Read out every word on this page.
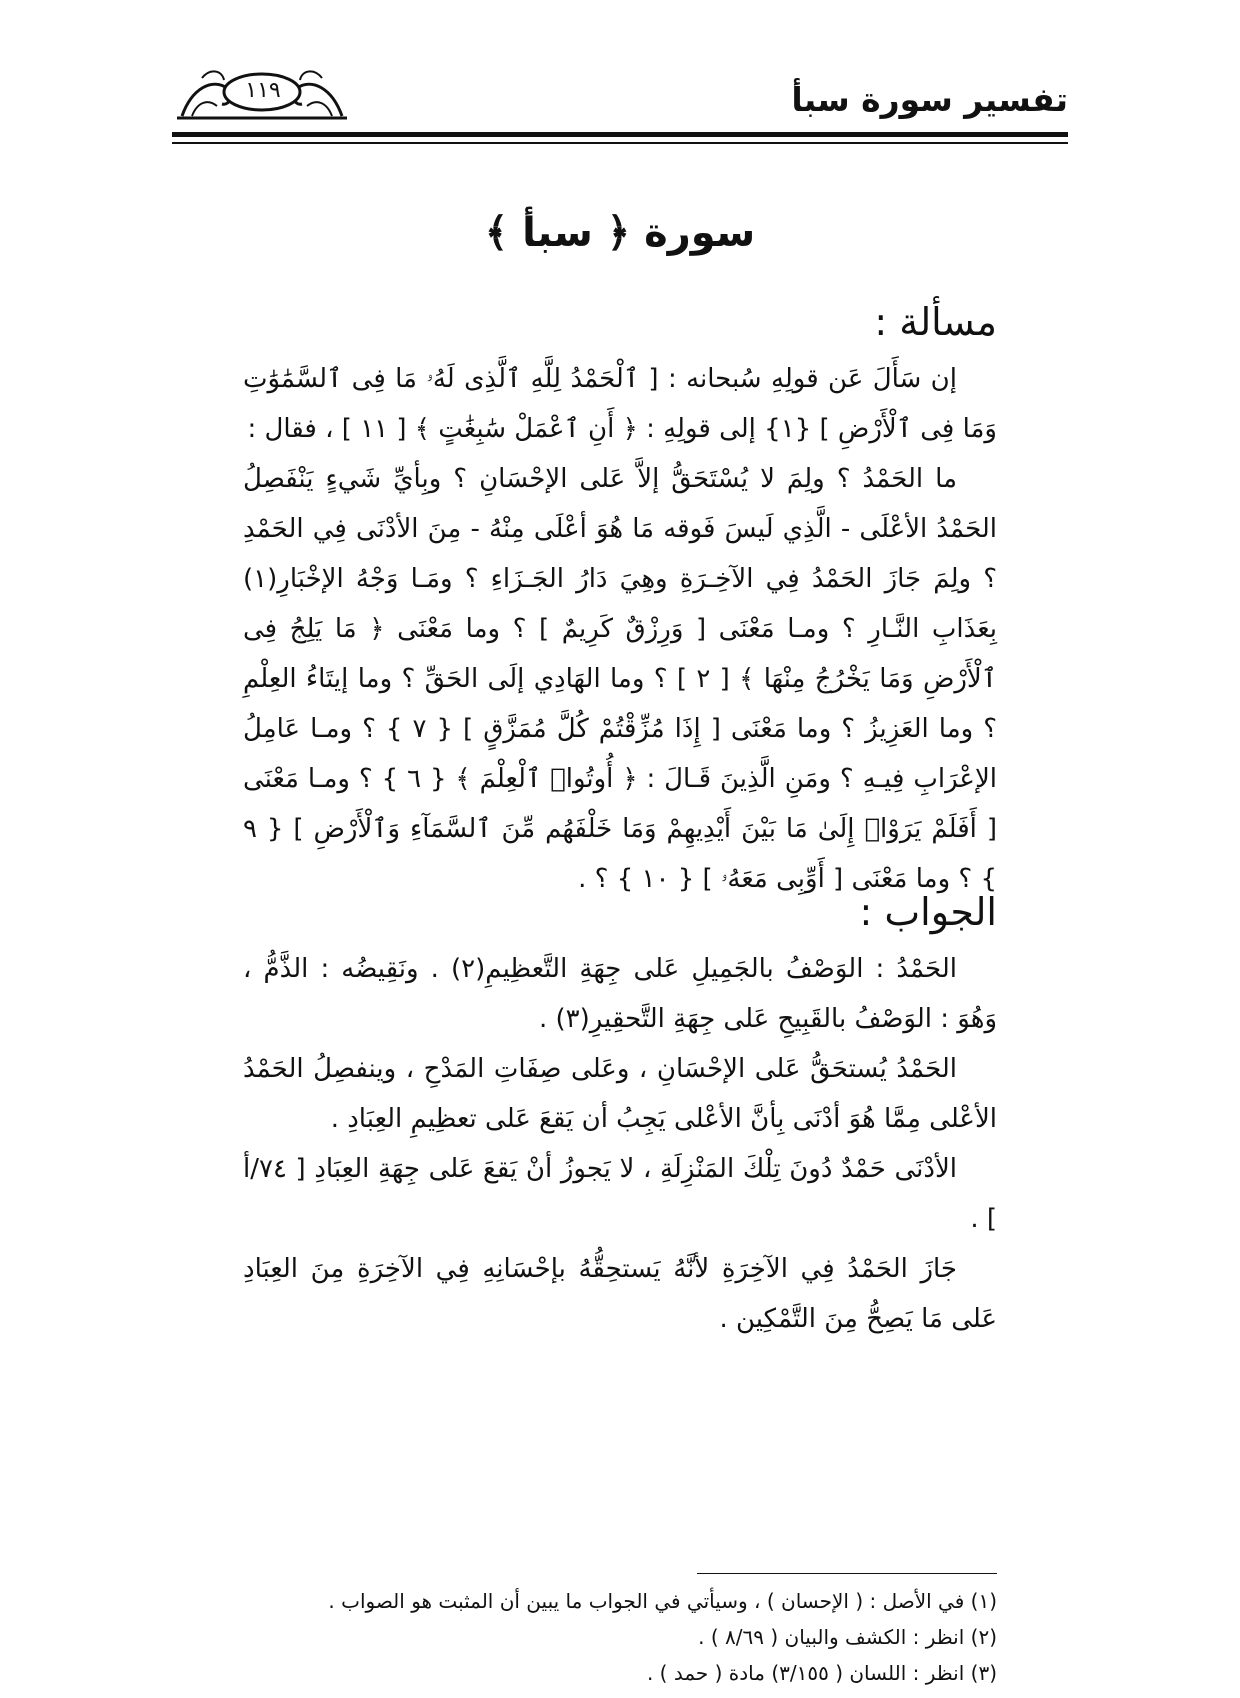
تفسير سورة سبأ
١١٩
سورة ﴿ سبأ ﴾
مسألة :

إن سَأَلَ عَن قولِهِ سُبحانه : [ ٱلْحَمْدُ لِلَّهِ ٱلَّذِى لَهُۥ مَا فِى ٱلسَّمَٰوَٰتِ وَمَا فِى ٱلْأَرْضِ ] {١} إلى قولِهِ : ﴿ أَنِ ٱعْمَلْ سَٰبِغَٰتٍ ﴾ [ ١١ ] ، فقال :

ما الحَمْدُ ؟ ولِمَ لا يُسْتَحَقُّ إلاَّ عَلى الإحْسَانِ ؟ وبِأيِّ شَيءٍ يَنْفَصِلُ الحَمْدُ الأعْلَى - الَّذِي لَيسَ فَوقه مَا هُوَ أعْلَى مِنْهُ - مِنَ الأدْنَى فِي الحَمْدِ ؟ ولِمَ جَازَ الحَمْدُ فِي الآخِـرَةِ وهِيَ دَارُ الجَـزَاءِ ؟ ومَـا وَجْهُ الإخْبَارِ(١) بِعَذَابِ النَّـارِ ؟ ومـا مَعْنَى [ وَرِزْقٌ كَرِيمٌ ] ؟ وما مَعْنَى ﴿ مَا يَلِجُ فِى ٱلْأَرْضِ وَمَا يَخْرُجُ مِنْهَا ﴾ [ ٢ ] ؟ وما الهَادِي إلَى الحَقِّ ؟ وما إيتَاءُ العِلْمِ ؟ وما العَزِيزُ ؟ وما مَعْنَى [ إِذَا مُزِّقْتُمْ كُلَّ مُمَزَّقٍ ] { ٧ } ؟ ومـا عَامِلُ الإعْرَابِ فِيـهِ ؟ ومَنِ الَّذِينَ قَـالَ : ﴿ أُوتُوا۟ ٱلْعِلْمَ ﴾ { ٦ } ؟ ومـا مَعْنَى [ أَفَلَمْ يَرَوْا۟ إِلَىٰ مَا بَيْنَ أَيْدِيهِمْ وَمَا خَلْفَهُم مِّنَ ٱلسَّمَآءِ وَٱلْأَرْضِ ] { ٩ } ؟ وما مَعْنَى [ أَوِّبِى مَعَهُۥ ] { ١٠ } ؟ .

الجواب :

الحَمْدُ : الوَصْفُ بالجَمِيلِ عَلى جِهَةِ التَّعظِيمِ(٢) . ونَقِيضُه : الذَّمُّ ، وَهُوَ : الوَصْفُ بالقَبِيحِ عَلى جِهَةِ التَّحقِيرِ(٣) .

الحَمْدُ يُستحَقُّ عَلى الإحْسَانِ ، وعَلى صِفَاتِ المَدْحِ ، وينفصِلُ الحَمْدُ الأعْلى مِمَّا هُوَ أدْنَى بِأنَّ الأعْلى يَجِبُ أن يَقعَ عَلى تعظِيمِ العِبَادِ .

الأدْنَى حَمْدٌ دُونَ تِلْكَ المَنْزِلَةِ ، لا يَجوزُ أنْ يَقعَ عَلى جِهَةِ العِبَادِ [ ٧٤/أ ] .

جَازَ الحَمْدُ فِي الآخِرَةِ لأنَّهُ يَستحِقُّهُ بإحْسَانِهِ فِي الآخِرَةِ مِنَ العِبَادِ عَلى مَا يَصِحُّ مِنَ التَّمْكِين .

(١) في الأصل : ( الإحسان ) ، وسيأتي في الجواب ما يبين أن المثبت هو الصواب .
(٢) انظر : الكشف والبيان ( ٨/٦٩ ) .
(٣) انظر : اللسان ( ٣/١٥٥) مادة ( حمد ) .
